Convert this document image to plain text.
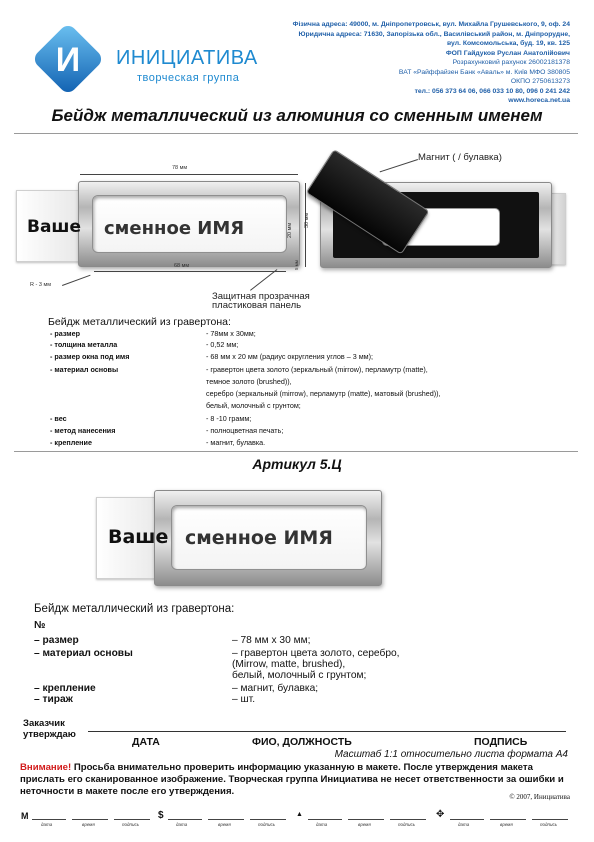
И ИНИЦИАТИВА
творческая группа
Фізична адреса: 49000, м. Дніпропетровськ, вул. Михайла Грушевського, 9, оф. 24
Юридична адреса: 71630, Запорізька обл., Василівський район, м. Дніпрорудне,
вул. Комсомольська, буд. 19, кв. 125
ФОП Гайдуков Руслан Анатолійович
Розрахунковий рахунок 26002181378
ВАТ «Райффайзен Банк «Аваль» м. Київ МФО 380805
ОКПО 2750613273
тел.: 056 373 64 06, 066 033 10 80, 096 0 241 242
www.horeca.net.ua
Бейдж металлический из алюминия со сменным именем
Ваше сменное ИМЯ
78 мм
68 мм
30 мм
20 мм
5 мм
R - 3 мм
Магнит ( / булавка)
Защитная прозрачная
пластиковая панель
Бейдж металлический из гравертона:
- размер	- 78мм х 30мм;
- толщина металла	- 0,52 мм;
- размер окна под имя	- 68 мм х 20 мм (радиус округления углов – 3 мм);
- материал основы	- гравертон цвета золото (зеркальный (mirrow), перламутр (matte),
темное золото (brushed)),
серебро (зеркальный (mirrow), перламутр (matte), матовый (brushed)),
белый, молочный с грунтом;
- вес	- 8 -10 грамм;
- метод нанесения	- полноцветная печать;
- крепление	- магнит, булавка.
Артикул 5.Ц
Ваше сменное ИМЯ
Бейдж металлический из гравертона:
№
– размер	– 78 мм х 30 мм;
– материал основы	– гравертон цвета золото, серебро,
(Mirrow, matte, brushed),
белый, молочный с грунтом;
– крепление	– магнит, булавка;
– тираж	– шт.
Заказчик
утверждаю
ДАТА	ФИО, ДОЛЖНОСТЬ	ПОДПИСЬ
Масштаб 1:1 относительно листа формата А4
Внимание! Просьба внимательно проверить информацию указанную в макете. После утверждения макета прислать его сканированное изображение. Творческая группа Инициатива не несет ответственности за ошибки и неточности в макете после его утверждения.	© 2007, Инициатива
M
дата	время	подпись
$
дата	время	подпись
▲
дата	время	подпись
✥
дата	время	подпись
